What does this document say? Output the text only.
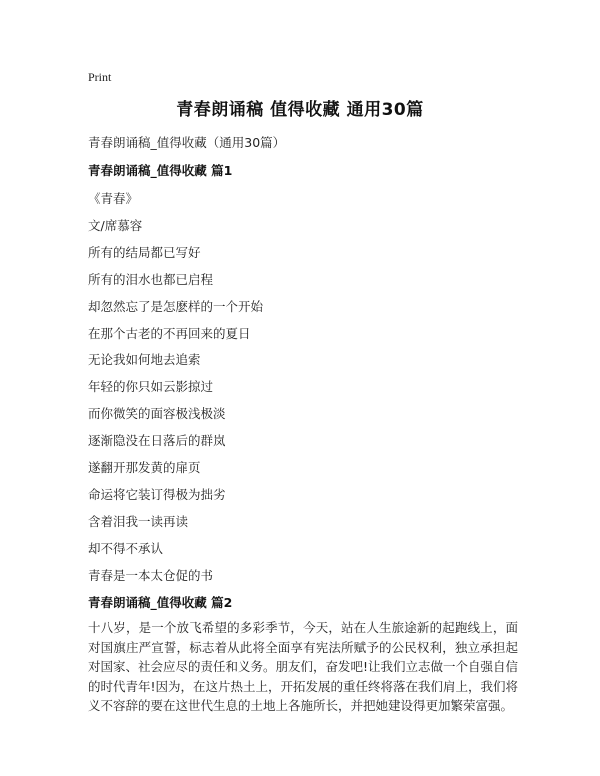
Print
青春朗诵稿 值得收藏 通用30篇
青春朗诵稿_值得收藏（通用30篇）
青春朗诵稿_值得收藏 篇1
《青春》
文/席慕容
所有的结局都已写好
所有的泪水也都已启程
却忽然忘了是怎麽样的一个开始
在那个古老的不再回来的夏日
无论我如何地去追索
年轻的你只如云影掠过
而你微笑的面容极浅极淡
逐渐隐没在日落后的群岚
遂翻开那发黄的扉页
命运将它装订得极为拙劣
含着泪我一读再读
却不得不承认
青春是一本太仓促的书
青春朗诵稿_值得收藏 篇2
十八岁，是一个放飞希望的多彩季节，今天，站在人生旅途新的起跑线上，面对国旗庄严宣誓，标志着从此将全面享有宪法所赋予的公民权利，独立承担起对国家、社会应尽的责任和义务。朋友们，奋发吧!让我们立志做一个自强自信的时代青年!因为，在这片热土上，开拓发展的重任终将落在我们肩上，我们将义不容辞的要在这世代生息的土地上各施所长，并把她建设得更加繁荣富强。
